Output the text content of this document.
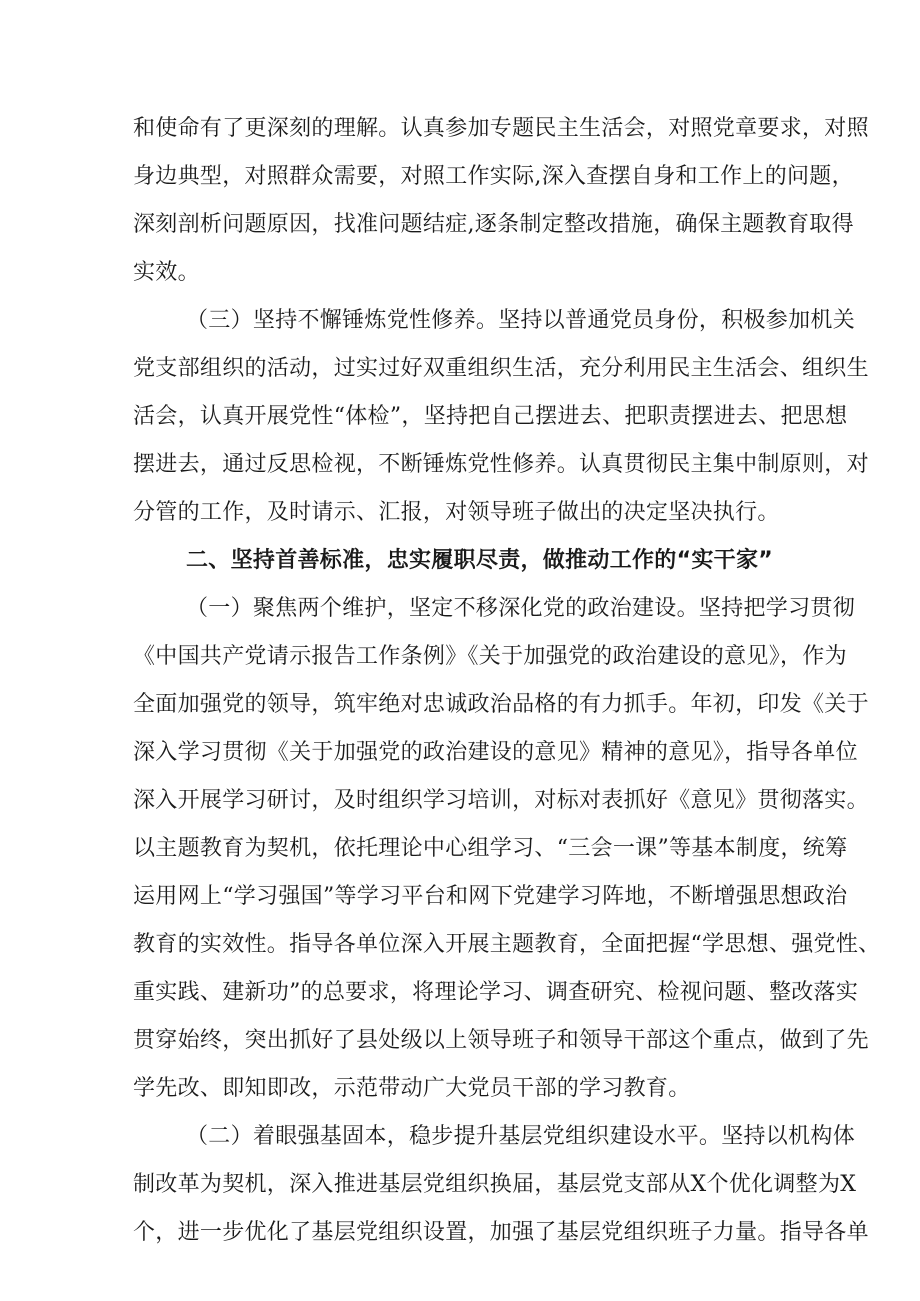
和使命有了更深刻的理解。认真参加专题民主生活会，对照党章要求，对照
身边典型，对照群众需要，对照工作实际,深入查摆自身和工作上的问题，
深刻剖析问题原因，找准问题结症,逐条制定整改措施，确保主题教育取得
实效。
（三）坚持不懈锤炼党性修养。坚持以普通党员身份，积极参加机关
党支部组织的活动，过实过好双重组织生活，充分利用民主生活会、组织生
活会，认真开展党性“体检”，坚持把自己摆进去、把职责摆进去、把思想
摆进去，通过反思检视，不断锤炼党性修养。认真贯彻民主集中制原则，对
分管的工作，及时请示、汇报，对领导班子做出的决定坚决执行。
二、坚持首善标准，忠实履职尽责，做推动工作的“实干家”
（一）聚焦两个维护，坚定不移深化党的政治建设。坚持把学习贯彻
《中国共产党请示报告工作条例》《关于加强党的政治建设的意见》，作为
全面加强党的领导，筑牢绝对忠诚政治品格的有力抓手。年初，印发《关于
深入学习贯彻《关于加强党的政治建设的意见》精神的意见》，指导各单位
深入开展学习研讨，及时组织学习培训，对标对表抓好《意见》贯彻落实。
以主题教育为契机，依托理论中心组学习、“三会一课”等基本制度，统筹
运用网上“学习强国”等学习平台和网下党建学习阵地，不断增强思想政治
教育的实效性。指导各单位深入开展主题教育，全面把握“学思想、强党性、
重实践、建新功”的总要求，将理论学习、调查研究、检视问题、整改落实
贯穿始终，突出抓好了县处级以上领导班子和领导干部这个重点，做到了先
学先改、即知即改，示范带动广大党员干部的学习教育。
（二）着眼强基固本，稳步提升基层党组织建设水平。坚持以机构体
制改革为契机，深入推进基层党组织换届，基层党支部从X个优化调整为X
个，进一步优化了基层党组织设置，加强了基层党组织班子力量。指导各单
